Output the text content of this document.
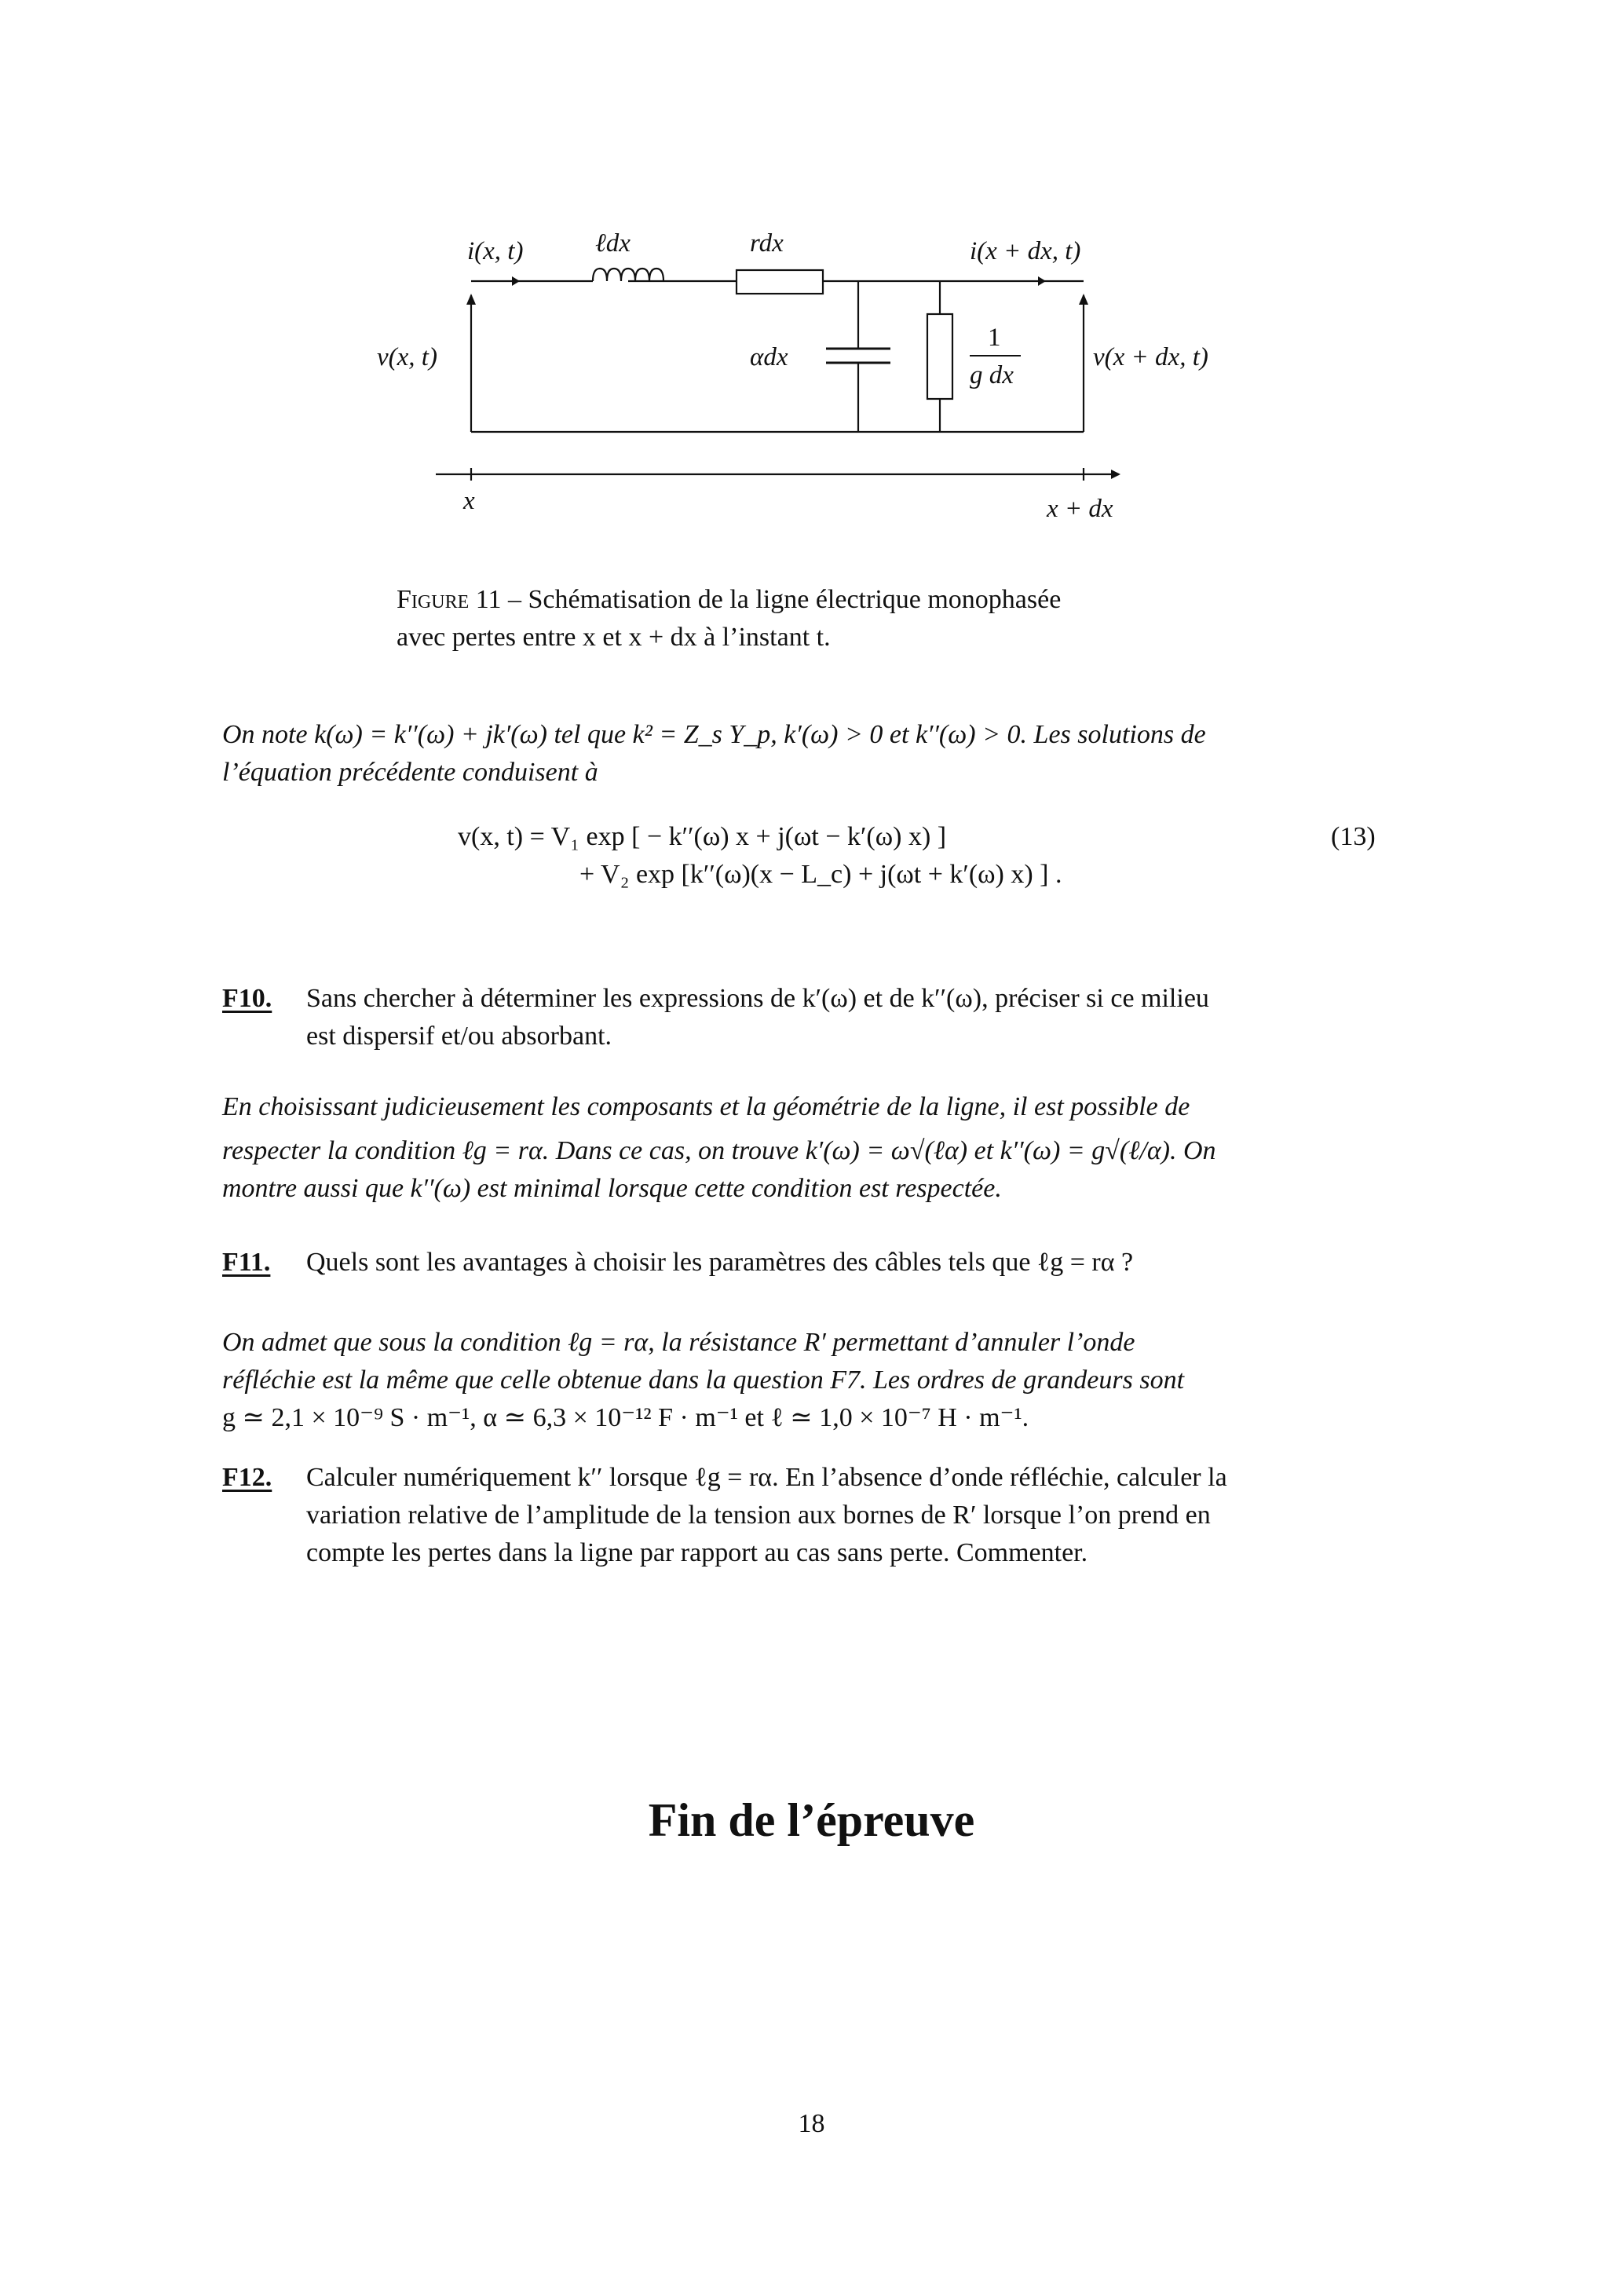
i(x, t)	ℓdx	rdx	i(x + dx, t)
v(x, t)	αdx
1
g dx
v(x + dx, t)
x	x + dx
Figure 11 – Schématisation de la ligne électrique monophasée
avec pertes entre x et x + dx à l’instant t.
On note k(ω) = k′′(ω) + jk′(ω) tel que k² = Z_s Y_p, k′(ω) > 0 et k′′(ω) > 0. Les solutions de
l’équation précédente conduisent à
v(x, t) = V₁ exp [ − k′′(ω) x + j(ωt − k′(ω) x) ]
+ V₂ exp [k′′(ω)(x − L_c) + j(ωt + k′(ω) x) ] .
(13)
F10. Sans chercher à déterminer les expressions de k′(ω) et de k′′(ω), préciser si ce milieu
est dispersif et/ou absorbant.
En choisissant judicieusement les composants et la géométrie de la ligne, il est possible de
respecter la condition ℓg = rα. Dans ce cas, on trouve k′(ω) = ω√(ℓα) et k′′(ω) = g√(ℓ/α). On
montre aussi que k′′(ω) est minimal lorsque cette condition est respectée.
F11. Quels sont les avantages à choisir les paramètres des câbles tels que ℓg = rα ?
On admet que sous la condition ℓg = rα, la résistance R′ permettant d’annuler l’onde
réfléchie est la même que celle obtenue dans la question F7. Les ordres de grandeurs sont
g ≃ 2,1 × 10⁻⁹ S · m⁻¹, α ≃ 6,3 × 10⁻¹² F · m⁻¹ et ℓ ≃ 1,0 × 10⁻⁷ H · m⁻¹.
F12. Calculer numériquement k′′ lorsque ℓg = rα. En l’absence d’onde réfléchie, calculer la
variation relative de l’amplitude de la tension aux bornes de R′ lorsque l’on prend en
compte les pertes dans la ligne par rapport au cas sans perte. Commenter.
Fin de l’épreuve
18
